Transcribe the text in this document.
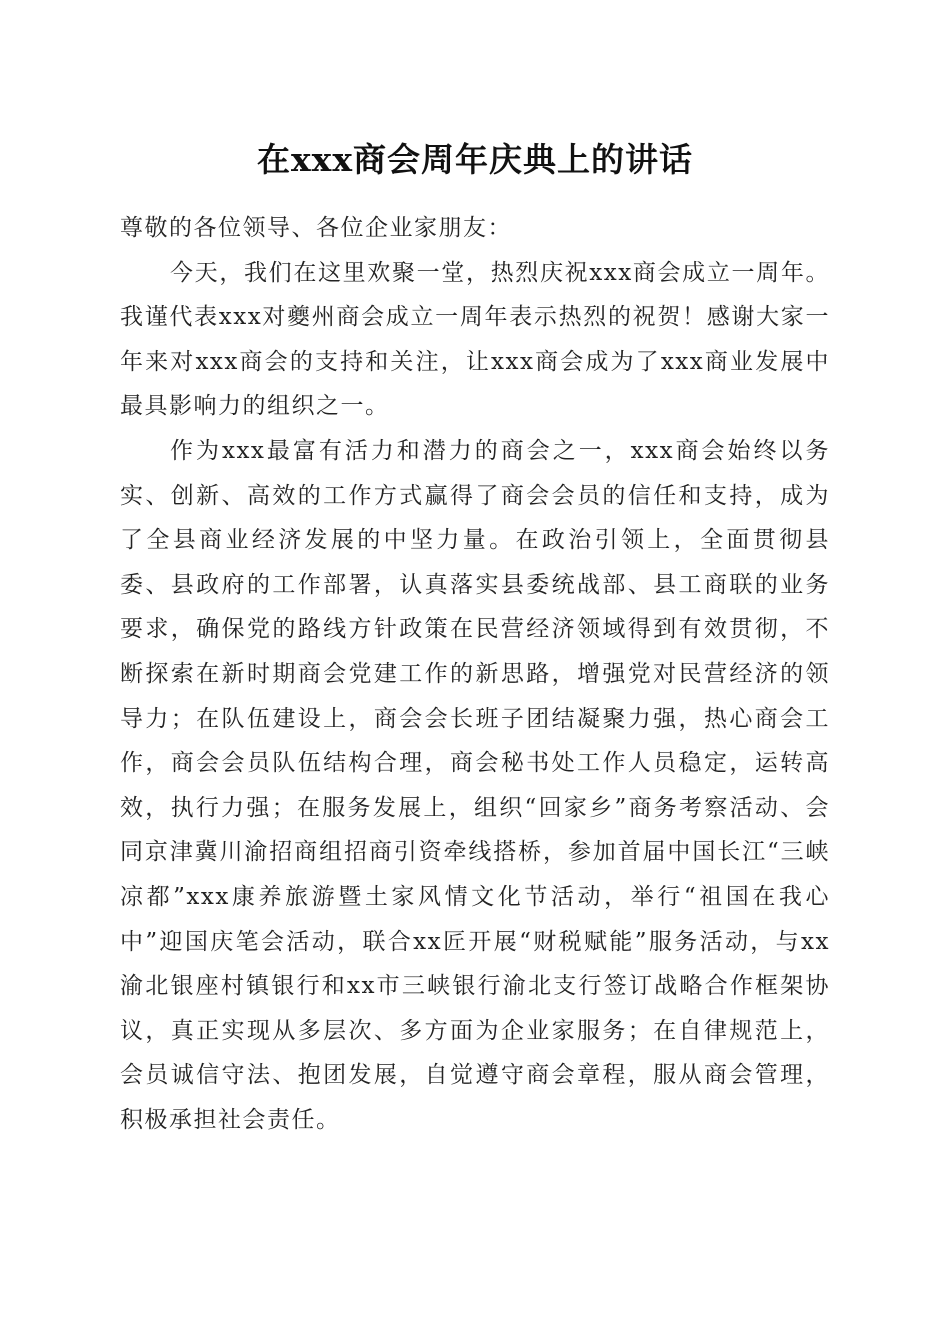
在xxx商会周年庆典上的讲话

尊敬的各位领导、各位企业家朋友：

今天，我们在这里欢聚一堂，热烈庆祝xxx商会成立一周年。我谨代表xxx对夔州商会成立一周年表示热烈的祝贺！感谢大家一年来对xxx商会的支持和关注，让xxx商会成为了xxx商业发展中最具影响力的组织之一。

作为xxx最富有活力和潜力的商会之一，xxx商会始终以务实、创新、高效的工作方式赢得了商会会员的信任和支持，成为了全县商业经济发展的中坚力量。在政治引领上，全面贯彻县委、县政府的工作部署，认真落实县委统战部、县工商联的业务要求，确保党的路线方针政策在民营经济领域得到有效贯彻，不断探索在新时期商会党建工作的新思路，增强党对民营经济的领导力；在队伍建设上，商会会长班子团结凝聚力强，热心商会工作，商会会员队伍结构合理，商会秘书处工作人员稳定，运转高效，执行力强；在服务发展上，组织“回家乡”商务考察活动、会同京津冀川渝招商组招商引资牵线搭桥，参加首届中国长江“三峡凉都”xxx康养旅游暨土家风情文化节活动，举行“祖国在我心中”迎国庆笔会活动，联合xx匠开展“财税赋能”服务活动，与xx渝北银座村镇银行和xx市三峡银行渝北支行签订战略合作框架协议，真正实现从多层次、多方面为企业家服务；在自律规范上，会员诚信守法、抱团发展，自觉遵守商会章程，服从商会管理，积极承担社会责任。
